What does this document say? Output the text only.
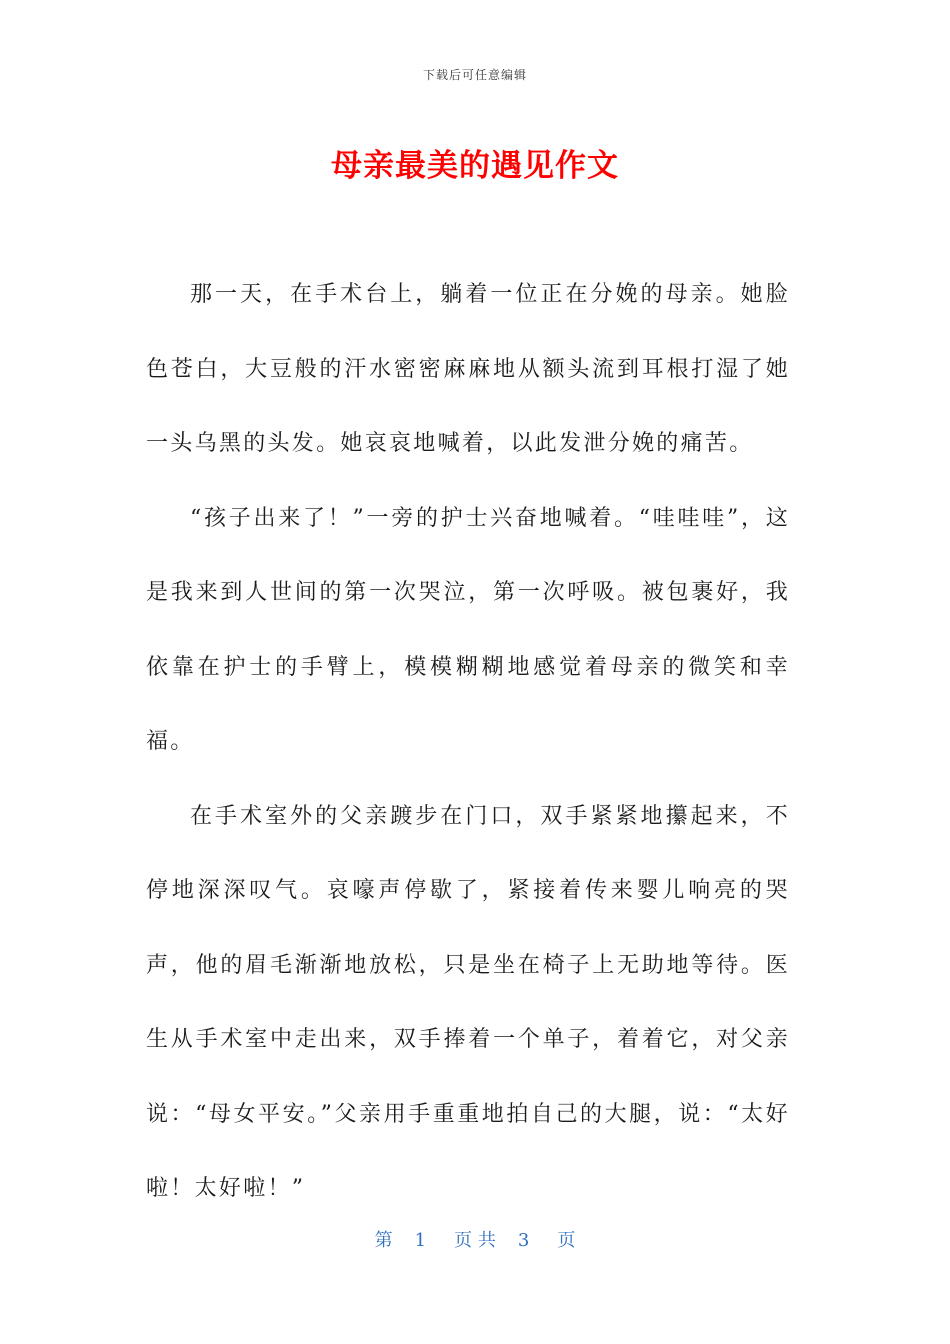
下载后可任意编辑
母亲最美的遇见作文

那一天，在手术台上，躺着一位正在分娩的母亲。她脸色苍白，大豆般的汗水密密麻麻地从额头流到耳根打湿了她一头乌黑的头发。她哀哀地喊着，以此发泄分娩的痛苦。

“孩子出来了！”一旁的护士兴奋地喊着。“哇哇哇”，这是我来到人世间的第一次哭泣，第一次呼吸。被包裹好，我依靠在护士的手臂上，模模糊糊地感觉着母亲的微笑和幸福。

在手术室外的父亲踱步在门口，双手紧紧地攥起来，不停地深深叹气。哀嚎声停歇了，紧接着传来婴儿响亮的哭声，他的眉毛渐渐地放松，只是坐在椅子上无助地等待。医生从手术室中走出来，双手捧着一个单子，着着它，对父亲说：“母女平安。”父亲用手重重地拍自己的大腿，说：“太好啦！太好啦！”

第 1 页 共 3 页
